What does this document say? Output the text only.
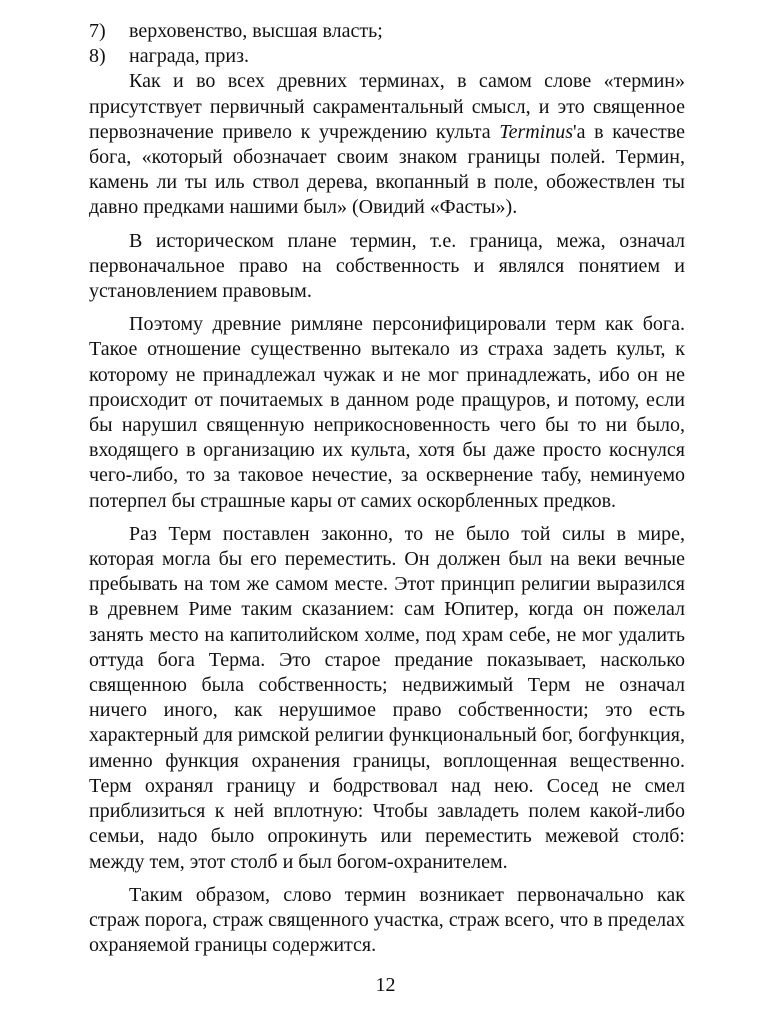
7)	верховенство, высшая власть;
8)	награда, приз.

Как и во всех древних терминах, в самом слове «термин» присутствует первичный сакраментальный смысл, и это священное первозначение привело к учреждению культа Terminus'а в качестве бога, «который обозначает своим знаком границы полей. Термин, камень ли ты иль ствол дерева, вкопанный в поле, обожествлен ты давно предками нашими был» (Овидий «Фасты»).

В историческом плане термин, т.е. граница, межа, означал первоначальное право на собственность и являлся понятием и установлением правовым.

Поэтому древние римляне персонифицировали терм как бога. Такое отношение существенно вытекало из страха задеть культ, к которому не принадлежал чужак и не мог принадлежать, ибо он не происходит от почитаемых в данном роде пращуров, и потому, если бы нарушил священную неприкосновенность чего бы то ни было, входящего в организацию их культа, хотя бы даже просто коснулся чего-либо, то за таковое нечестие, за осквернение табу, неминуемо потерпел бы страшные кары от самих оскорбленных предков.

Раз Терм поставлен законно, то не было той силы в мире, которая могла бы его переместить. Он должен был на веки вечные пребывать на том же самом месте. Этот принцип религии выразился в древнем Риме таким сказанием: сам Юпитер, когда он пожелал занять место на капитолийском холме, под храм себе, не мог удалить оттуда бога Терма. Это старое предание показывает, насколько священною была собственность; недвижимый Терм не означал ничего иного, как нерушимое право собственности; это есть характерный для римской религии функциональный бог, богфункция, именно функция охранения границы, воплощенная вещественно. Терм охранял границу и бодрствовал над нею. Сосед не смел приблизиться к ней вплотную: Чтобы завладеть полем какой-либо семьи, надо было опрокинуть или переместить межевой столб: между тем, этот столб и был богом-охранителем.

Таким образом, слово термин возникает первоначально как страж порога, страж священного участка, страж всего, что в пределах охраняемой границы содержится.

12
